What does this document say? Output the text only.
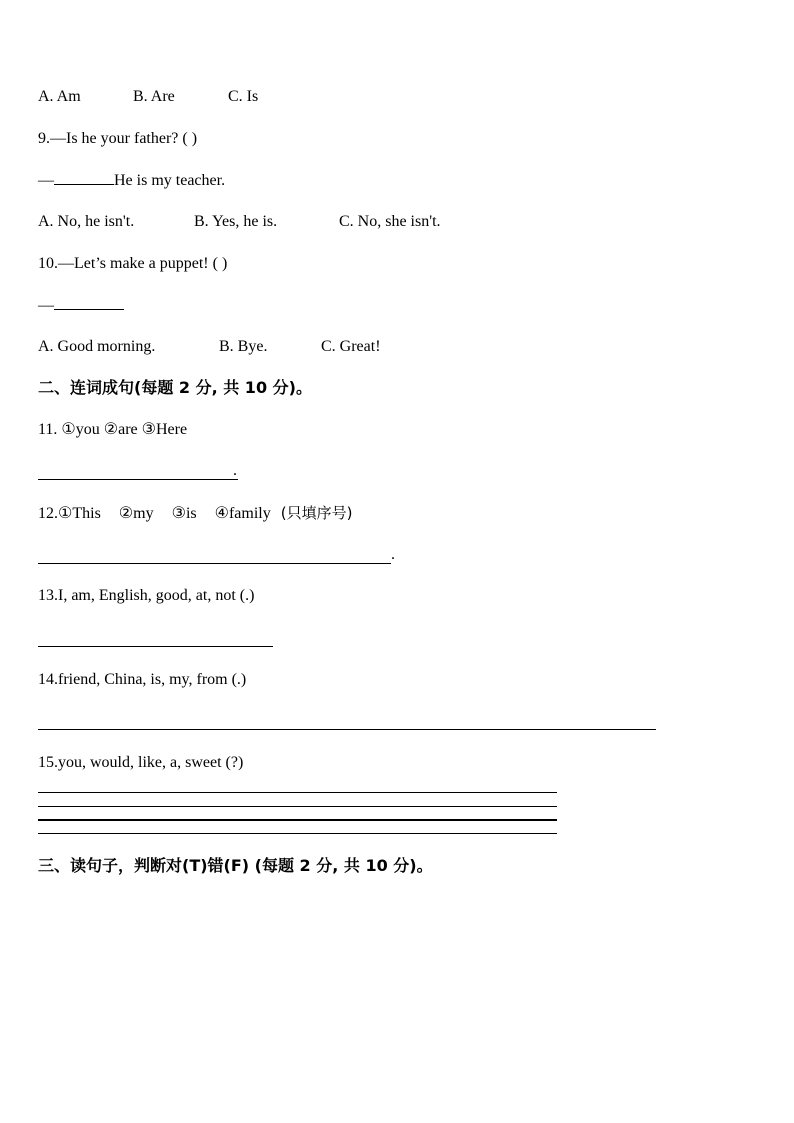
A. Am	B. Are	C. Is
9.—Is he your father? ( )
—	He is my teacher.
A. No, he isn't.	B. Yes, he is.	C. No, she isn't.
10.—Let’s make a puppet! ( )
—
A. Good morning.	B. Bye.	C. Great!
二、连词成句(每题 2 分, 共 10 分)。
11. ①you ②are ③Here
.
12.①This ②my ③is ④family (只填序号)
.
13.I, am, English, good, at, not (.)
14.friend, China, is, my, from (.)
15.you, would, like, a, sweet (?)
三、读句子，判断对(T)错(F) (每题 2 分, 共 10 分)。
